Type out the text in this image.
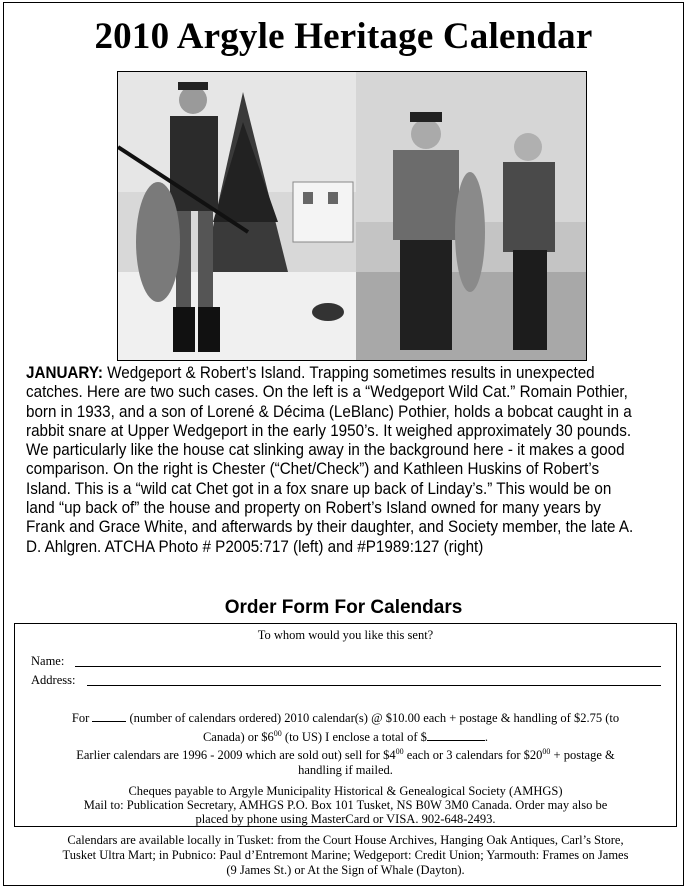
2010 Argyle Heritage Calendar
JANUARY: Wedgeport & Robert’s Island. Trapping sometimes results in unexpected catches. Here are two such cases. On the left is a “Wedgeport Wild Cat.” Romain Pothier, born in 1933, and a son of Lorené & Décima (LeBlanc) Pothier, holds a bobcat caught in a rabbit snare at Upper Wedgeport in the early 1950’s. It weighed approximately 30 pounds. We particularly like the house cat slinking away in the background here - it makes a good comparison. On the right is Chester (“Chet/Check”) and Kathleen Huskins of Robert’s Island. This is a “wild cat Chet got in a fox snare up back of Linday’s.” This would be on land “up back of” the house and property on Robert’s Island owned for many years by Frank and Grace White, and afterwards by their daughter, and Society member, the late A. D. Ahlgren. ATCHA Photo # P2005:717 (left) and #P1989:127 (right)
Order Form For Calendars
To whom would you like this sent?
Name:
Address:
For	(number of calendars ordered) 2010 calendar(s) @ $10.00 each + postage & handling of $2.75 (to
Canada) or $\$6^{00}$ (to US) I enclose a total of $	.
Earlier calendars are 1996 - 2009 which are sold out) sell for $\$4^{00}$ each or 3 calendars for $\$20^{00}$ + postage &
handling if mailed.
Cheques payable to Argyle Municipality Historical & Genealogical Society (AMHGS)
Mail to: Publication Secretary, AMHGS P.O. Box 101 Tusket, NS B0W 3M0 Canada. Order may also be
placed by phone using MasterCard or VISA. 902-648-2493.
Calendars are available locally in Tusket: from the Court House Archives, Hanging Oak Antiques, Carl’s Store,
Tusket Ultra Mart; in Pubnico: Paul d’Entremont Marine; Wedgeport: Credit Union; Yarmouth: Frames on James
(9 James St.) or At the Sign of Whale (Dayton).
